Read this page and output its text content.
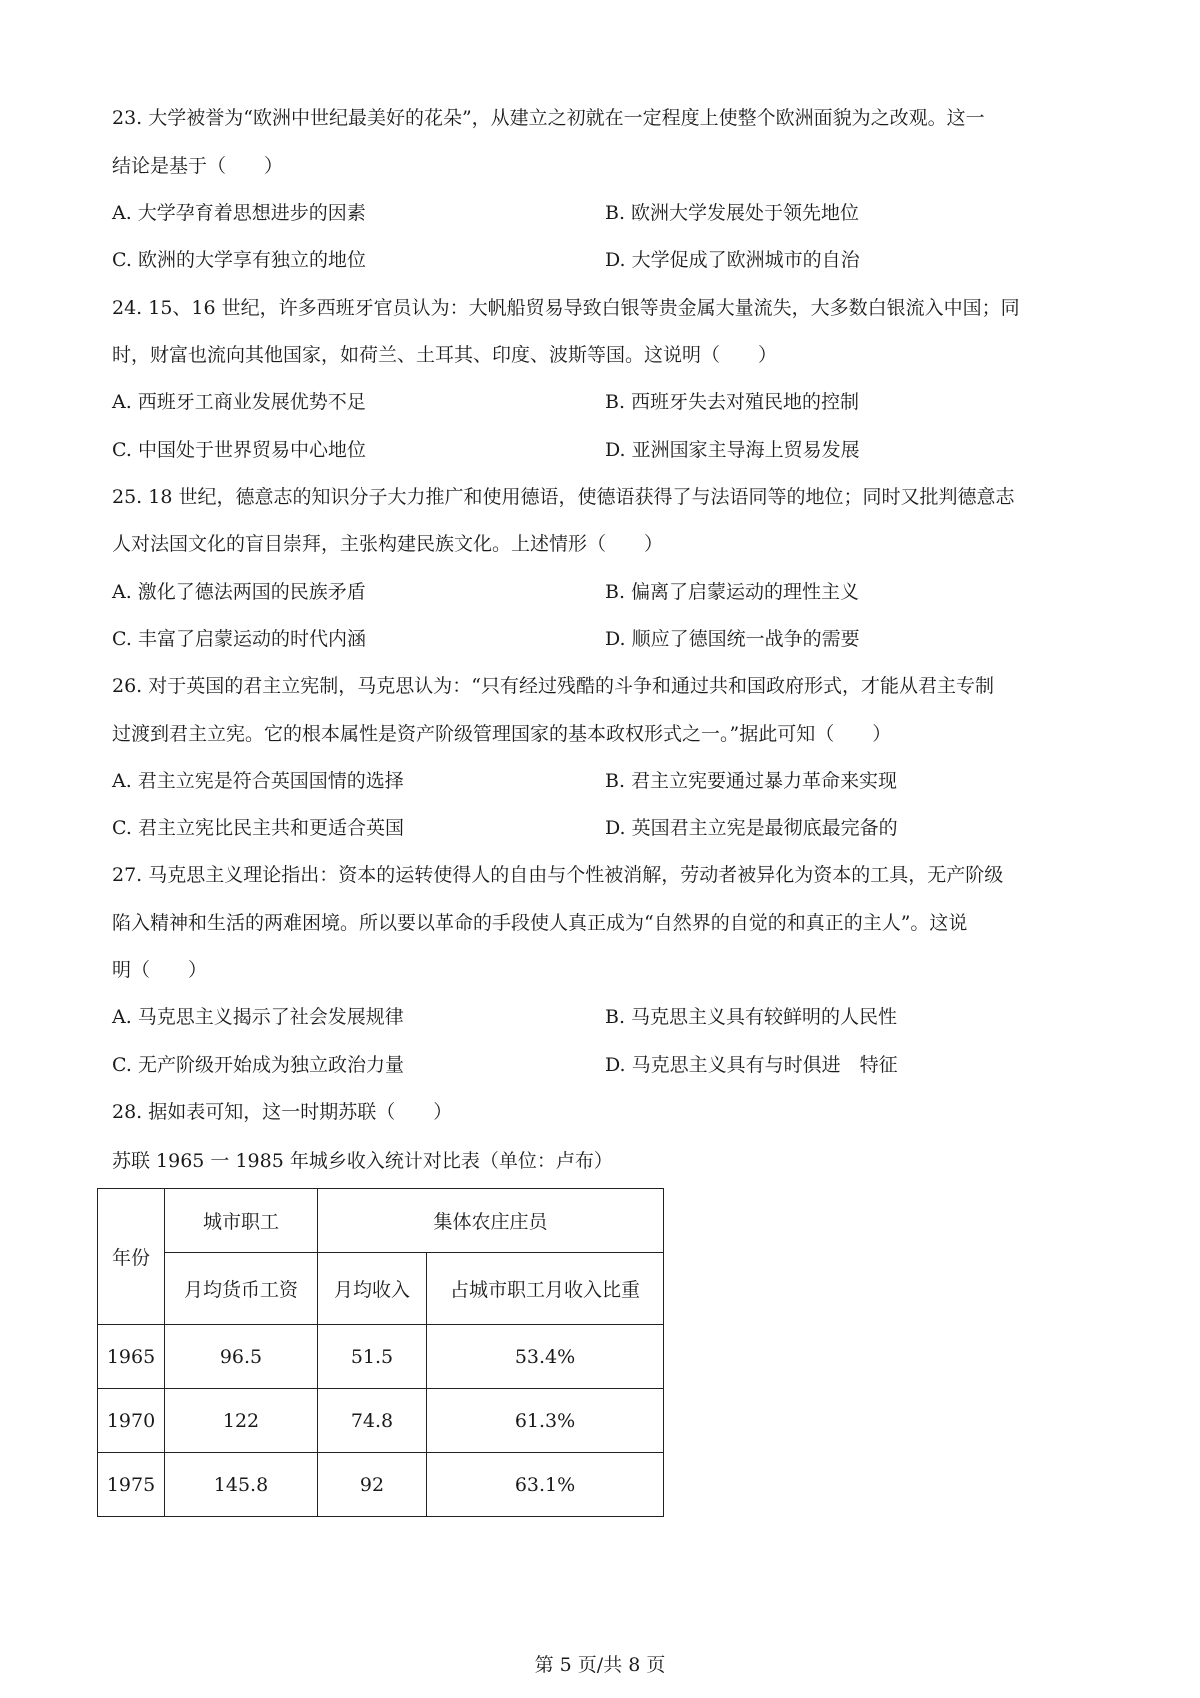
23. 大学被誉为“欧洲中世纪最美好的花朵”，从建立之初就在一定程度上使整个欧洲面貌为之改观。这一
结论是基于（　　）
A. 大学孕育着思想进步的因素	B. 欧洲大学发展处于领先地位
C. 欧洲的大学享有独立的地位	D. 大学促成了欧洲城市的自治
24. 15、16 世纪，许多西班牙官员认为：大帆船贸易导致白银等贵金属大量流失，大多数白银流入中国；同
时，财富也流向其他国家，如荷兰、土耳其、印度、波斯等国。这说明（　　）
A. 西班牙工商业发展优势不足	B. 西班牙失去对殖民地的控制
C. 中国处于世界贸易中心地位	D. 亚洲国家主导海上贸易发展
25. 18 世纪，德意志的知识分子大力推广和使用德语，使德语获得了与法语同等的地位；同时又批判德意志
人对法国文化的盲目崇拜，主张构建民族文化。上述情形（　　）
A. 激化了德法两国的民族矛盾	B. 偏离了启蒙运动的理性主义
C. 丰富了启蒙运动的时代内涵	D. 顺应了德国统一战争的需要
26. 对于英国的君主立宪制，马克思认为：“只有经过残酷的斗争和通过共和国政府形式，才能从君主专制
过渡到君主立宪。它的根本属性是资产阶级管理国家的基本政权形式之一。”据此可知（　　）
A. 君主立宪是符合英国国情的选择	B. 君主立宪要通过暴力革命来实现
C. 君主立宪比民主共和更适合英国	D. 英国君主立宪是最彻底最完备的
27. 马克思主义理论指出：资本的运转使得人的自由与个性被消解，劳动者被异化为资本的工具，无产阶级
陷入精神和生活的两难困境。所以要以革命的手段使人真正成为“自然界的自觉的和真正的主人”。这说
明（　　）
A. 马克思主义揭示了社会发展规律	B. 马克思主义具有较鲜明的人民性
C. 无产阶级开始成为独立政治力量	D. 马克思主义具有与时俱进　特征
28. 据如表可知，这一时期苏联（　　）
苏联 1965 一 1985 年城乡收入统计对比表（单位：卢布）
年份	城市职工	集体农庄庄员	
	月均货币工资	月均收入	占城市职工月收入比重
1965	96.5	51.5	53.4%
1970	122	74.8	61.3%
1975	145.8	92	63.1%
第 5 页/共 8 页
